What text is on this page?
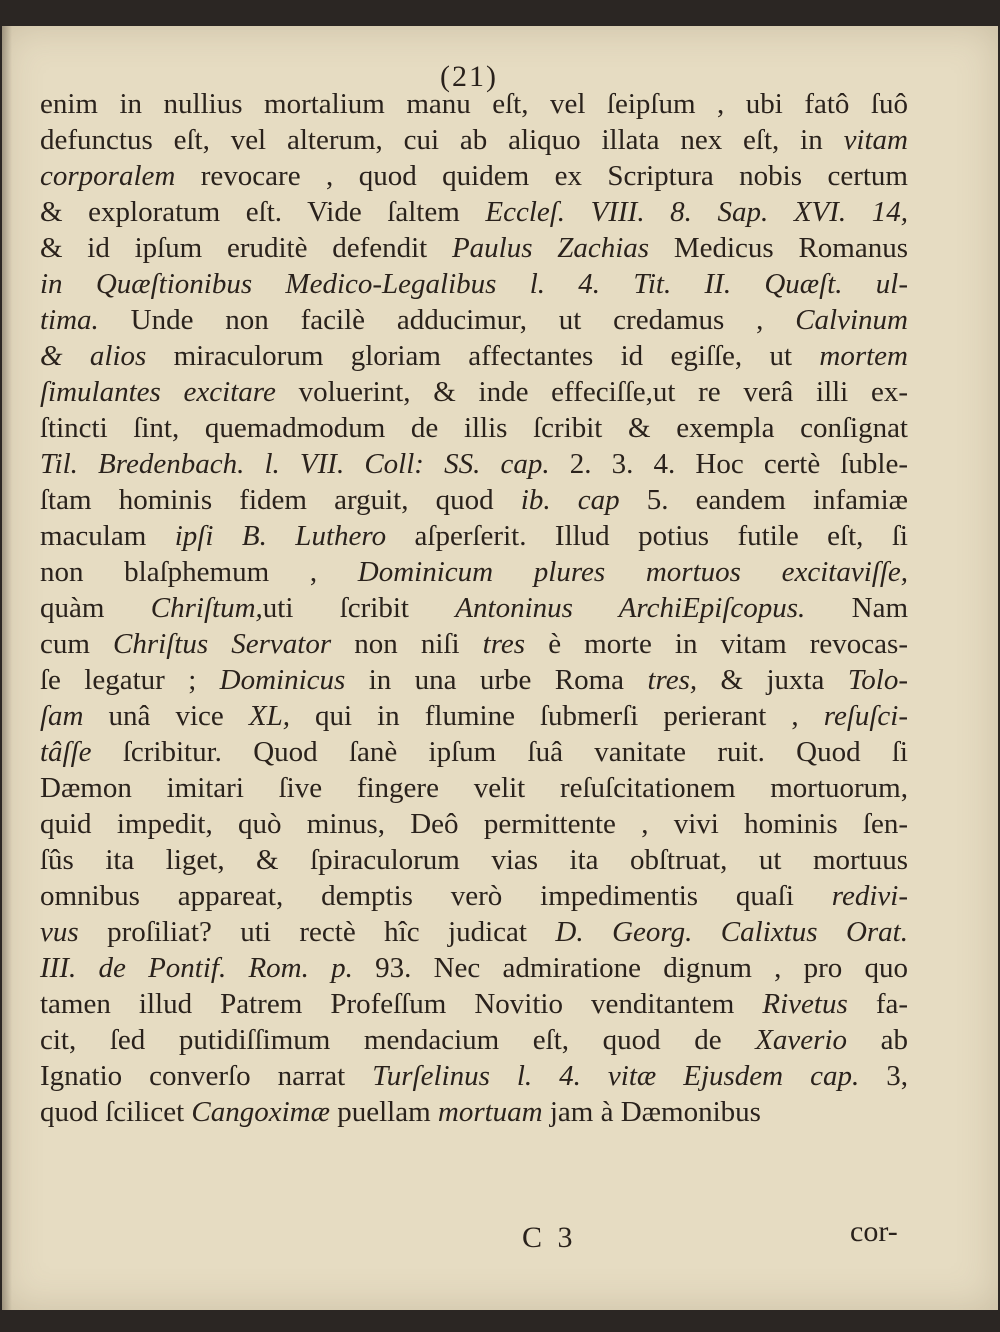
(21)
enim in nullius mortalium manu eſt, vel ſeipſum , ubi fatô ſuô
defunctus eſt, vel alterum, cui ab aliquo illata nex eſt, in vitam
corporalem revocare , quod quidem ex Scriptura nobis certum
& exploratum eſt. Vide ſaltem Eccleſ. VIII. 8. Sap. XVI. 14,
& id ipſum eruditè defendit Paulus Zachias Medicus Romanus
in Quæſtionibus Medico-Legalibus l. 4. Tit. II. Quæſt. ul-
tima. Unde non facilè adducimur, ut credamus , Calvinum
& alios miraculorum gloriam affectantes id egiſſe, ut mortem
ſimulantes excitare voluerint, & inde effeciſſe,ut re verâ illi ex-
ſtincti ſint, quemadmodum de illis ſcribit & exempla conſignat
Til. Bredenbach. l. VII. Coll: SS. cap. 2. 3. 4. Hoc certè ſuble-
ſtam hominis fidem arguit, quod ib. cap 5. eandem infamiæ
maculam ipſi B. Luthero aſperſerit. Illud potius futile eſt, ſi
non blaſphemum , Dominicum plures mortuos excitaviſſe,
quàm Chriſtum,uti ſcribit Antoninus ArchiEpiſcopus. Nam
cum Chriſtus Servator non niſi tres è morte in vitam revocas-
ſe legatur ; Dominicus in una urbe Roma tres, & juxta Tolo-
ſam unâ vice XL, qui in flumine ſubmerſi perierant , reſuſci-
tâſſe ſcribitur. Quod ſanè ipſum ſuâ vanitate ruit. Quod ſi
Dæmon imitari ſive fingere velit reſuſcitationem mortuorum,
quid impedit, quò minus, Deô permittente , vivi hominis ſen-
ſûs ita liget, & ſpiraculorum vias ita obſtruat, ut mortuus
omnibus appareat, demptis verò impedimentis quaſi redivi-
vus proſiliat? uti rectè hîc judicat D. Georg. Calixtus Orat.
III. de Pontif. Rom. p. 93. Nec admiratione dignum , pro quo
tamen illud Patrem Profeſſum Novitio venditantem Rivetus fa-
cit, ſed putidiſſimum mendacium eſt, quod de Xaverio ab
Ignatio converſo narrat Turſelinus l. 4. vitæ Ejusdem cap. 3,
quod ſcilicet Cangoximæ puellam mortuam jam à Dæmonibus
C 3	cor-
